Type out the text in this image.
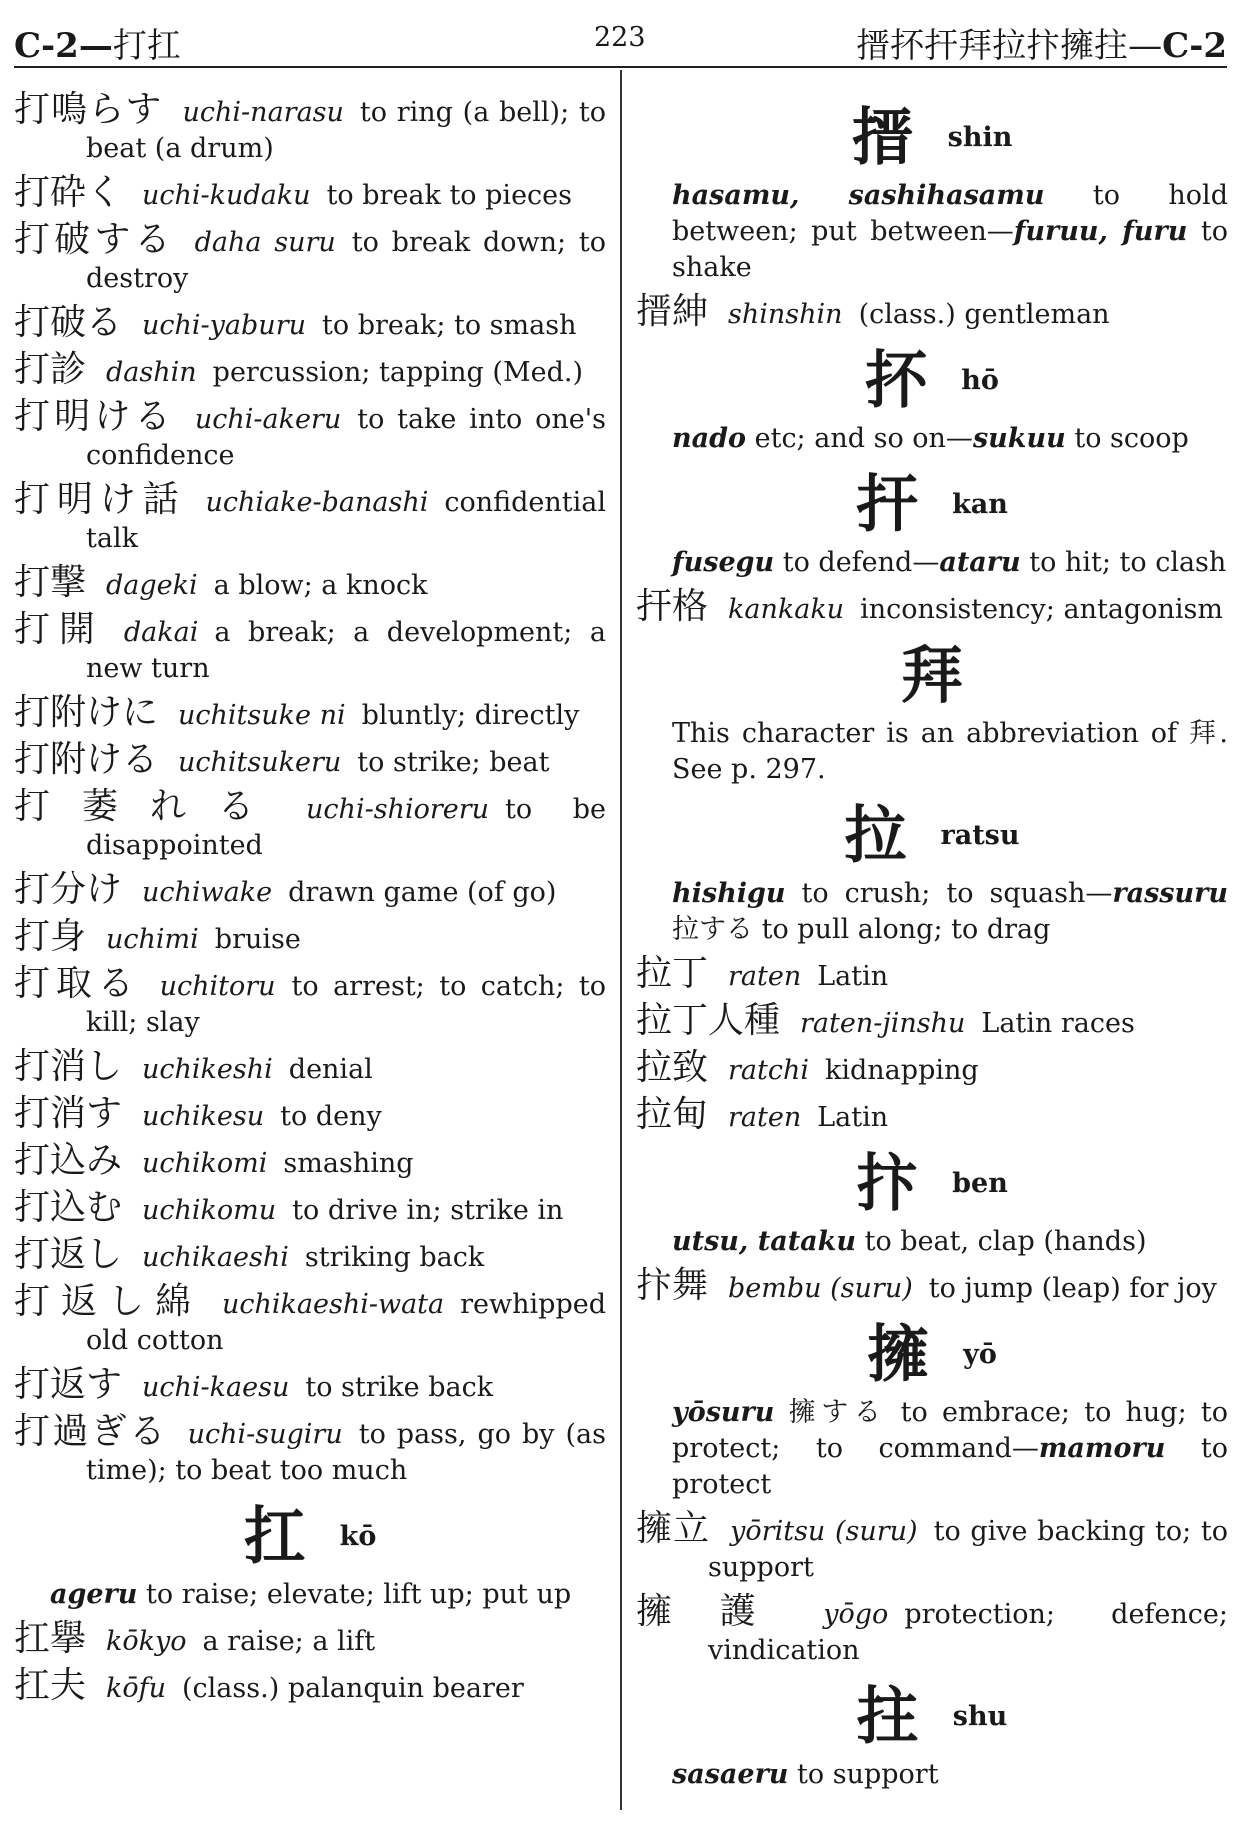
C-2—打扛	223	搢抔扞拜拉抃擁拄—C-2
打鳴らす uchi-narasu to ring (a bell); to beat (a drum)
打砕く uchi-kudaku to break to pieces
打破する daha suru to break down; to destroy
打破る uchi-yaburu to break; to smash
打診 dashin percussion; tapping (Med.)
打明ける uchi-akeru to take into one's confidence
打明け話 uchiake-banashi confidential talk
打撃 dageki a blow; a knock
打開 dakai a break; a development; a new turn
打附けに uchitsuke ni bluntly; directly
打附ける uchitsukeru to strike; beat
打萎れる uchi-shioreru to be disappointed
打分け uchiwake drawn game (of go)
打身 uchimi bruise
打取る uchitoru to arrest; to catch; to kill; slay
打消し uchikeshi denial
打消す uchikesu to deny
打込み uchikomi smashing
打込む uchikomu to drive in; strike in
打返し uchikaeshi striking back
打返し綿 uchikaeshi-wata rewhipped old cotton
打返す uchi-kaesu to strike back
打過ぎる uchi-sugiru to pass, go by (as time); to beat too much
扛 kō
ageru to raise; elevate; lift up; put up
扛擧 kōkyo a raise; a lift
扛夫 kōfu (class.) palanquin bearer
搢 shin
hasamu, sashihasamu to hold between; put between—furuu, furu to shake
搢紳 shinshin (class.) gentleman
抔 hō
nado etc; and so on—sukuu to scoop
扞 kan
fusegu to defend—ataru to hit; to clash
扞格 kankaku inconsistency; antagonism
拜
This character is an abbreviation of 拜. See p. 297.
拉 ratsu
hishigu to crush; to squash—rassuru 拉する to pull along; to drag
拉丁 raten Latin
拉丁人種 raten-jinshu Latin races
拉致 ratchi kidnapping
拉甸 raten Latin
抃 ben
utsu, tataku to beat, clap (hands)
抃舞 bembu (suru) to jump (leap) for joy
擁 yō
yōsuru 擁する to embrace; to hug; to protect; to command—mamoru to protect
擁立 yōritsu (suru) to give backing to; to support
擁護 yōgo protection; defence; vindication
拄 shu
sasaeru to support
